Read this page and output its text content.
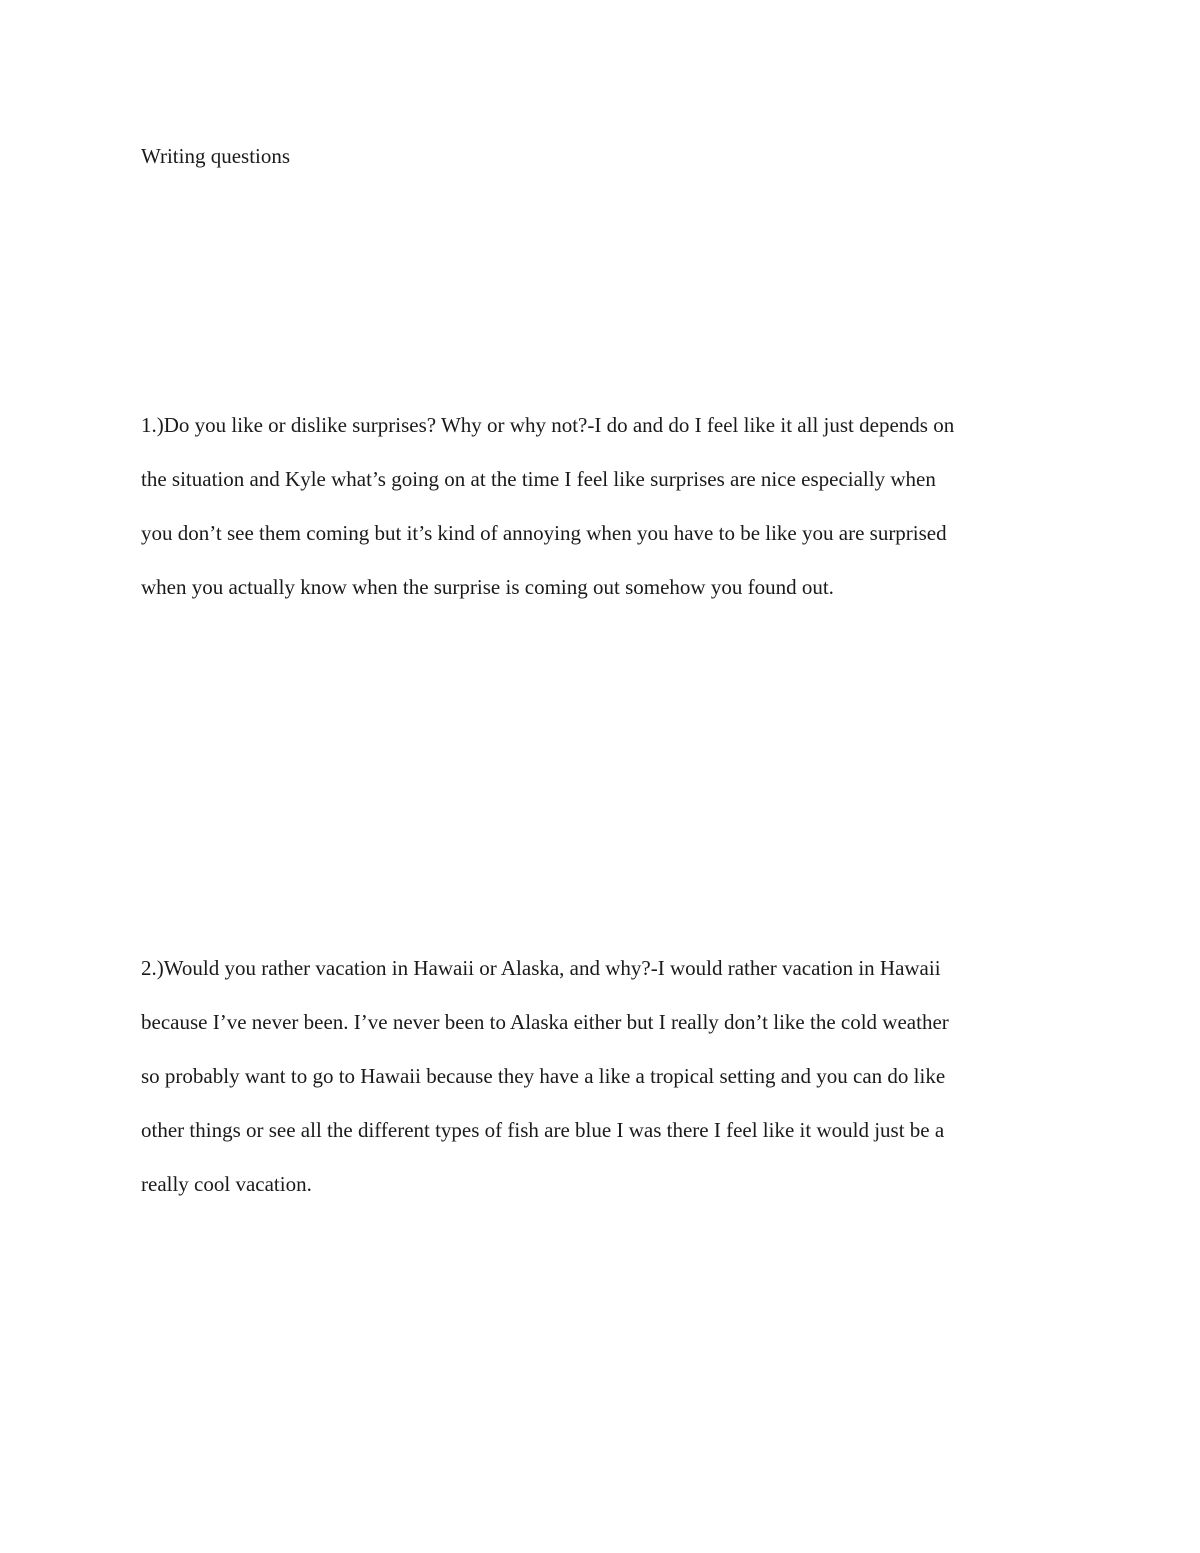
Writing questions

1.)Do you like or dislike surprises? Why or why not?-I do and do I feel like it all just depends on
the situation and Kyle what’s going on at the time I feel like surprises are nice especially when
you don’t see them coming but it’s kind of annoying when you have to be like you are surprised
when you actually know when the surprise is coming out somehow you found out.

2.)Would you rather vacation in Hawaii or Alaska, and why?-I would rather vacation in Hawaii
because I’ve never been. I’ve never been to Alaska either but I really don’t like the cold weather
so probably want to go to Hawaii because they have a like a tropical setting and you can do like
other things or see all the different types of fish are blue I was there I feel like it would just be a
really cool vacation.
